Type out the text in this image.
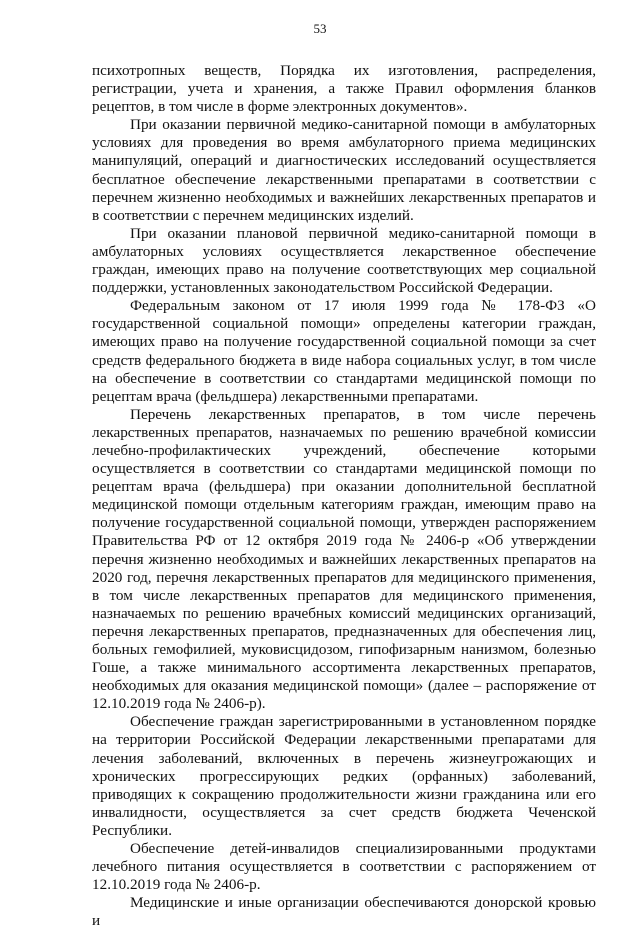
53

психотропных веществ, Порядка их изготовления, распределения, регистрации, учета и хранения, а также Правил оформления бланков рецептов, в том числе в форме электронных документов».

При оказании первичной медико-санитарной помощи в амбулаторных условиях для проведения во время амбулаторного приема медицинских манипуляций, операций и диагностических исследований осуществляется бесплатное обеспечение лекарственными препаратами в соответствии с перечнем жизненно необходимых и важнейших лекарственных препаратов и в соответствии с перечнем медицинских изделий.

При оказании плановой первичной медико-санитарной помощи в амбулаторных условиях осуществляется лекарственное обеспечение граждан, имеющих право на получение соответствующих мер социальной поддержки, установленных законодательством Российской Федерации.

Федеральным законом от 17 июля 1999 года № 178-ФЗ «О государственной социальной помощи» определены категории граждан, имеющих право на получение государственной социальной помощи за счет средств федерального бюджета в виде набора социальных услуг, в том числе на обеспечение в соответствии со стандартами медицинской помощи по рецептам врача (фельдшера) лекарственными препаратами.

Перечень лекарственных препаратов, в том числе перечень лекарственных препаратов, назначаемых по решению врачебной комиссии лечебно-профилактических учреждений, обеспечение которыми осуществляется в соответствии со стандартами медицинской помощи по рецептам врача (фельдшера) при оказании дополнительной бесплатной медицинской помощи отдельным категориям граждан, имеющим право на получение государственной социальной помощи, утвержден распоряжением Правительства РФ от 12 октября 2019 года № 2406-р «Об утверждении перечня жизненно необходимых и важнейших лекарственных препаратов на 2020 год, перечня лекарственных препаратов для медицинского применения, в том числе лекарственных препаратов для медицинского применения, назначаемых по решению врачебных комиссий медицинских организаций, перечня лекарственных препаратов, предназначенных для обеспечения лиц, больных гемофилией, муковисцидозом, гипофизарным нанизмом, болезнью Гоше, а также минимального ассортимента лекарственных препаратов, необходимых для оказания медицинской помощи» (далее – распоряжение от 12.10.2019 года № 2406-р).

Обеспечение граждан зарегистрированными в установленном порядке на территории Российской Федерации лекарственными препаратами для лечения заболеваний, включенных в перечень жизнеугрожающих и хронических прогрессирующих редких (орфанных) заболеваний, приводящих к сокращению продолжительности жизни гражданина или его инвалидности, осуществляется за счет средств бюджета Чеченской Республики.

Обеспечение детей-инвалидов специализированными продуктами лечебного питания осуществляется в соответствии с распоряжением от 12.10.2019 года № 2406-р.

Медицинские и иные организации обеспечиваются донорской кровью и
